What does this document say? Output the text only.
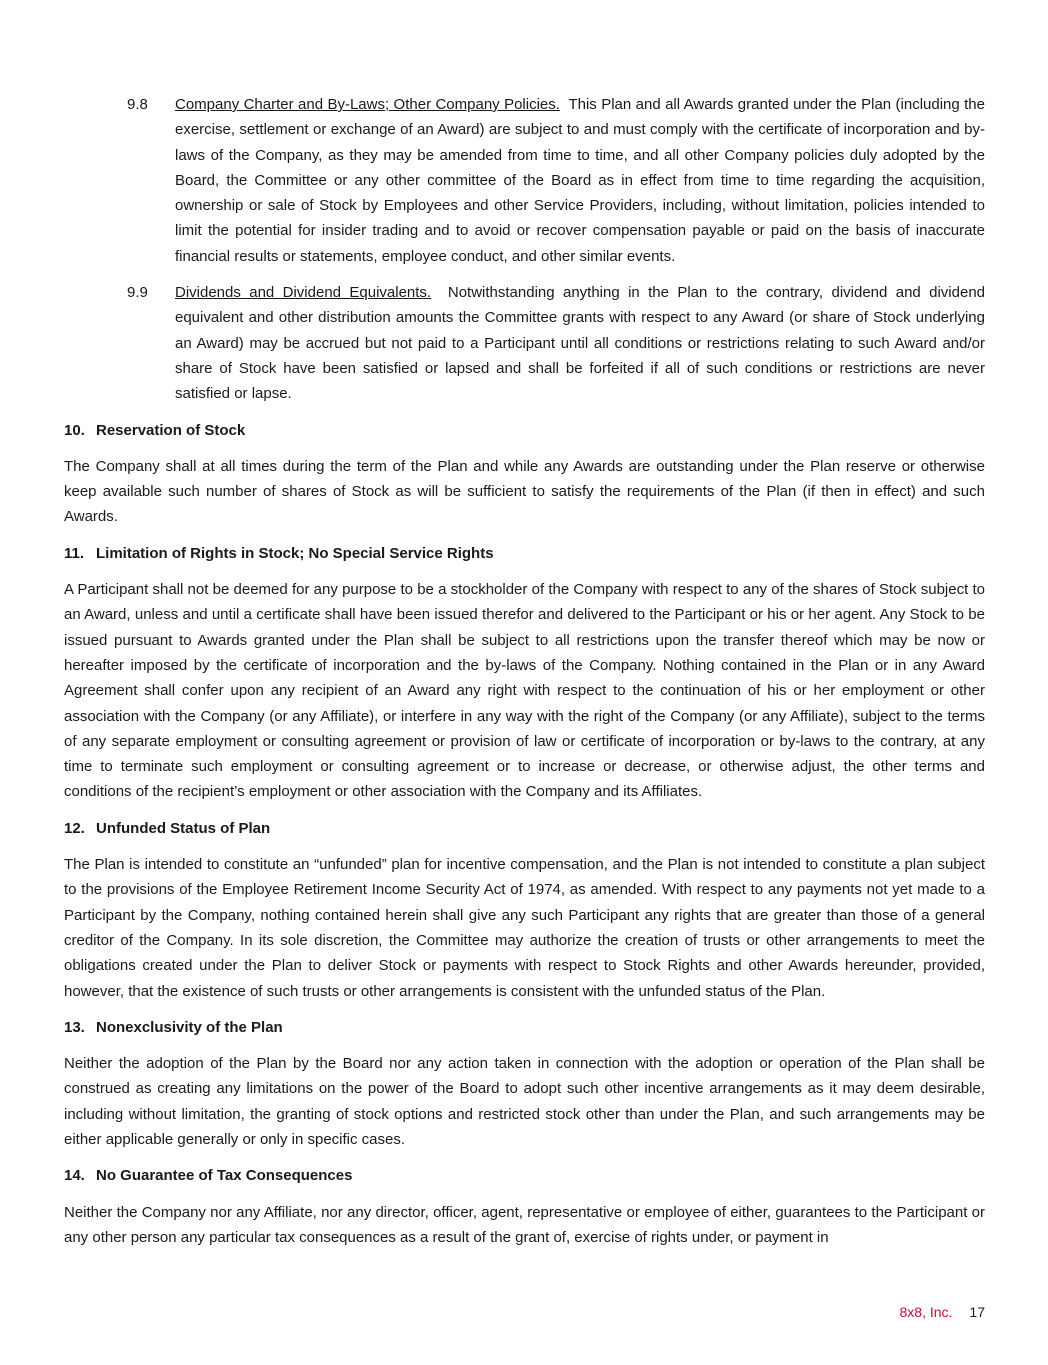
9.8 Company Charter and By-Laws; Other Company Policies. This Plan and all Awards granted under the Plan (including the exercise, settlement or exchange of an Award) are subject to and must comply with the certificate of incorporation and by-laws of the Company, as they may be amended from time to time, and all other Company policies duly adopted by the Board, the Committee or any other committee of the Board as in effect from time to time regarding the acquisition, ownership or sale of Stock by Employees and other Service Providers, including, without limitation, policies intended to limit the potential for insider trading and to avoid or recover compensation payable or paid on the basis of inaccurate financial results or statements, employee conduct, and other similar events.
9.9 Dividends and Dividend Equivalents. Notwithstanding anything in the Plan to the contrary, dividend and dividend equivalent and other distribution amounts the Committee grants with respect to any Award (or share of Stock underlying an Award) may be accrued but not paid to a Participant until all conditions or restrictions relating to such Award and/or share of Stock have been satisfied or lapsed and shall be forfeited if all of such conditions or restrictions are never satisfied or lapse.
10. Reservation of Stock
The Company shall at all times during the term of the Plan and while any Awards are outstanding under the Plan reserve or otherwise keep available such number of shares of Stock as will be sufficient to satisfy the requirements of the Plan (if then in effect) and such Awards.
11. Limitation of Rights in Stock; No Special Service Rights
A Participant shall not be deemed for any purpose to be a stockholder of the Company with respect to any of the shares of Stock subject to an Award, unless and until a certificate shall have been issued therefor and delivered to the Participant or his or her agent. Any Stock to be issued pursuant to Awards granted under the Plan shall be subject to all restrictions upon the transfer thereof which may be now or hereafter imposed by the certificate of incorporation and the by-laws of the Company. Nothing contained in the Plan or in any Award Agreement shall confer upon any recipient of an Award any right with respect to the continuation of his or her employment or other association with the Company (or any Affiliate), or interfere in any way with the right of the Company (or any Affiliate), subject to the terms of any separate employment or consulting agreement or provision of law or certificate of incorporation or by-laws to the contrary, at any time to terminate such employment or consulting agreement or to increase or decrease, or otherwise adjust, the other terms and conditions of the recipient’s employment or other association with the Company and its Affiliates.
12. Unfunded Status of Plan
The Plan is intended to constitute an “unfunded” plan for incentive compensation, and the Plan is not intended to constitute a plan subject to the provisions of the Employee Retirement Income Security Act of 1974, as amended. With respect to any payments not yet made to a Participant by the Company, nothing contained herein shall give any such Participant any rights that are greater than those of a general creditor of the Company. In its sole discretion, the Committee may authorize the creation of trusts or other arrangements to meet the obligations created under the Plan to deliver Stock or payments with respect to Stock Rights and other Awards hereunder, provided, however, that the existence of such trusts or other arrangements is consistent with the unfunded status of the Plan.
13. Nonexclusivity of the Plan
Neither the adoption of the Plan by the Board nor any action taken in connection with the adoption or operation of the Plan shall be construed as creating any limitations on the power of the Board to adopt such other incentive arrangements as it may deem desirable, including without limitation, the granting of stock options and restricted stock other than under the Plan, and such arrangements may be either applicable generally or only in specific cases.
14. No Guarantee of Tax Consequences
Neither the Company nor any Affiliate, nor any director, officer, agent, representative or employee of either, guarantees to the Participant or any other person any particular tax consequences as a result of the grant of, exercise of rights under, or payment in
8x8, Inc. 17
